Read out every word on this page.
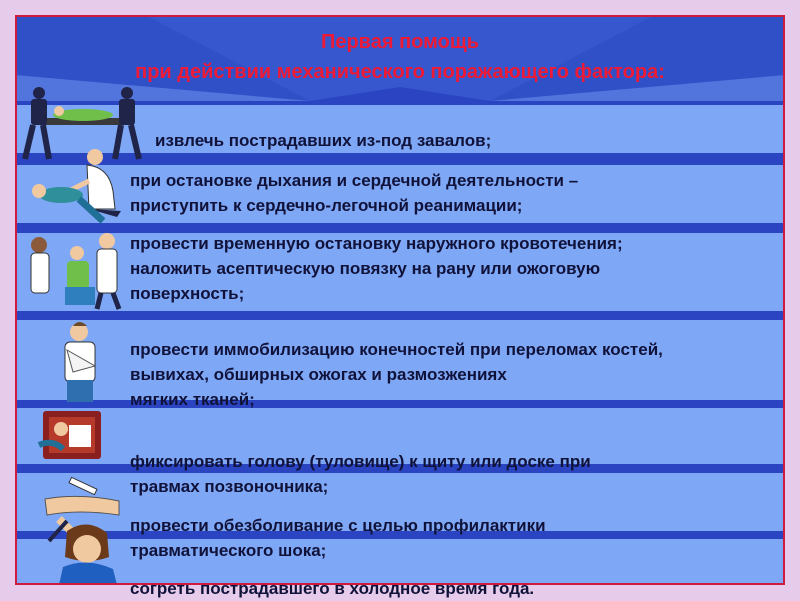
Первая помощь
при действии механического поражающего фактора:
извлечь пострадавших из-под завалов;
при остановке дыхания и сердечной деятельности –
приступить к сердечно-легочной реанимации;
провести временную остановку наружного кровотечения;
наложить асептическую повязку на рану или ожоговую
поверхность;
провести иммобилизацию конечностей при переломах костей,
вывихах, обширных ожогах и размозжениях
мягких тканей;
фиксировать голову (туловище) к щиту или доске при
травмах позвоночника;
провести обезболивание с целью профилактики
травматического шока;
согреть пострадавшего в холодное время года.
